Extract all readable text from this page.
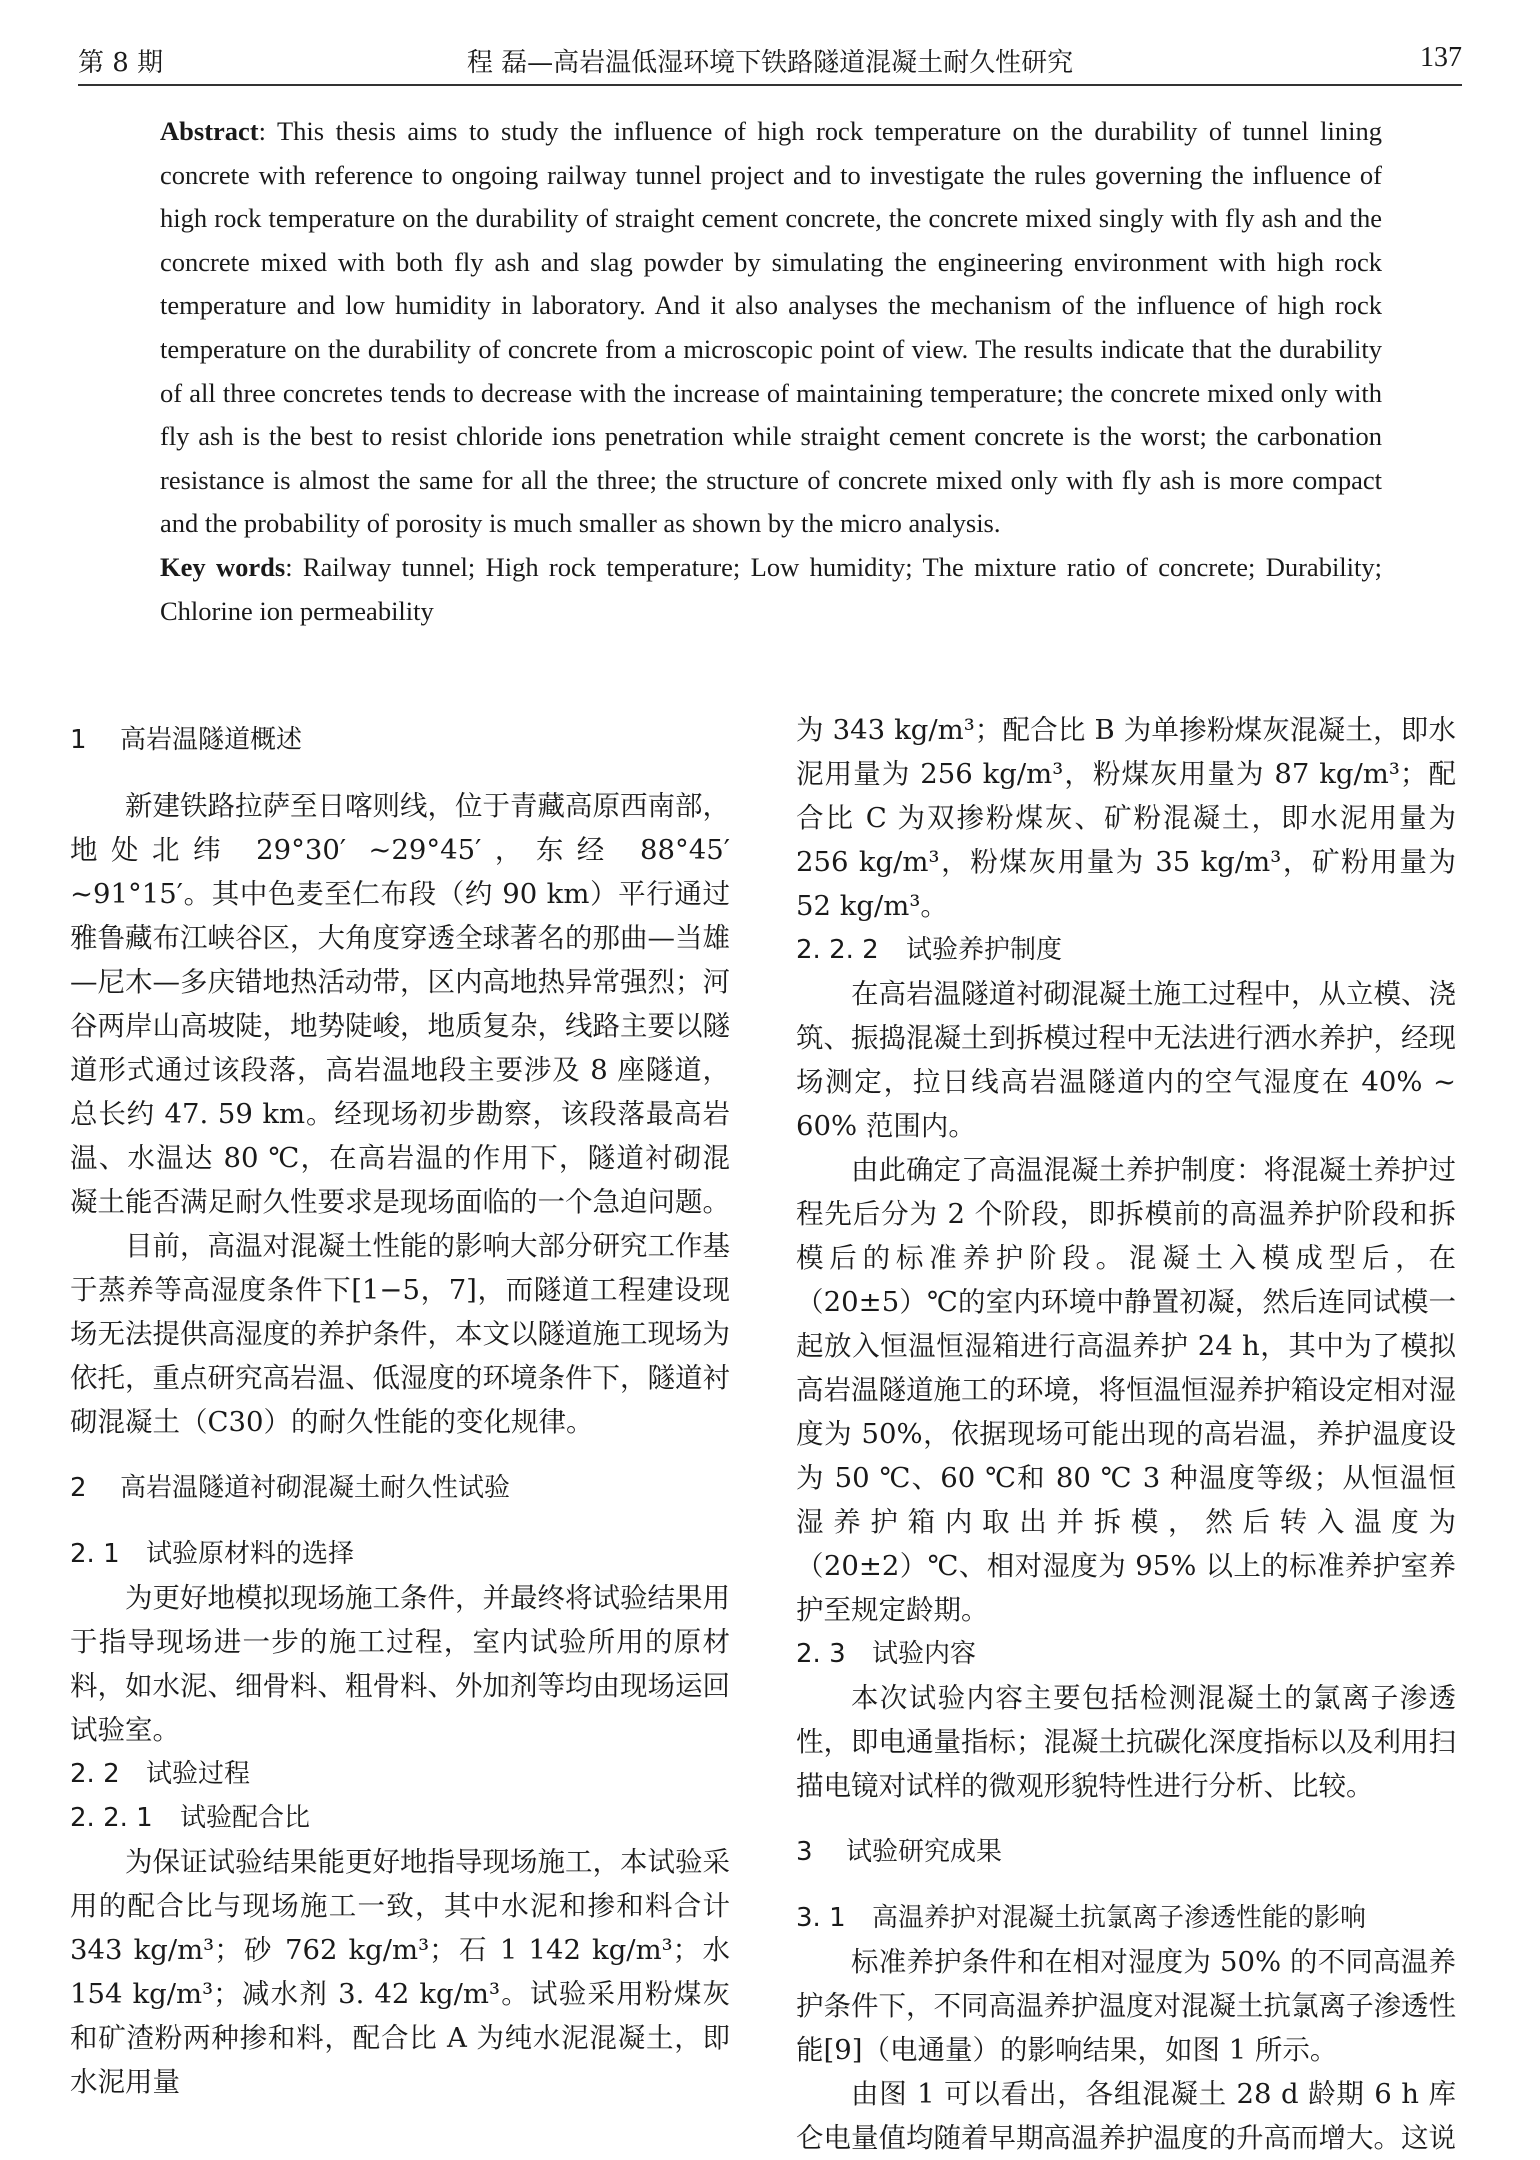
第 8 期	程 磊—高岩温低湿环境下铁路隧道混凝土耐久性研究	137
Abstract: This thesis aims to study the influence of high rock temperature on the durability of tunnel lining concrete with reference to ongoing railway tunnel project and to investigate the rules governing the influence of high rock temperature on the durability of straight cement concrete, the concrete mixed singly with fly ash and the concrete mixed with both fly ash and slag powder by simulating the engineering environment with high rock temperature and low humidity in laboratory. And it also analyses the mechanism of the influence of high rock temperature on the durability of concrete from a microscopic point of view. The results indicate that the durability of all three concretes tends to decrease with the increase of maintaining temperature; the concrete mixed only with fly ash is the best to resist chloride ions penetration while straight cement concrete is the worst; the carbonation resistance is almost the same for all the three; the structure of concrete mixed only with fly ash is more compact and the probability of porosity is much smaller as shown by the micro analysis.
Key words: Railway tunnel; High rock temperature; Low humidity; The mixture ratio of concrete; Durability; Chlorine ion permeability

1 高岩温隧道概述

新建铁路拉萨至日喀则线，位于青藏高原西南部，地处北纬 29°30′ ~29°45′，东经 88°45′ ~91°15′。其中色麦至仁布段（约 90 km）平行通过雅鲁藏布江峡谷区，大角度穿透全球著名的那曲—当雄—尼木—多庆错地热活动带，区内高地热异常强烈；河谷两岸山高坡陡，地势陡峻，地质复杂，线路主要以隧道形式通过该段落，高岩温地段主要涉及 8 座隧道，总长约 47. 59 km。经现场初步勘察，该段落最高岩温、水温达 80 ℃，在高岩温的作用下，隧道衬砌混凝土能否满足耐久性要求是现场面临的一个急迫问题。

目前，高温对混凝土性能的影响大部分研究工作基于蒸养等高湿度条件下[1−5，7]，而隧道工程建设现场无法提供高湿度的养护条件，本文以隧道施工现场为依托，重点研究高岩温、低湿度的环境条件下，隧道衬砌混凝土（C30）的耐久性能的变化规律。

2 高岩温隧道衬砌混凝土耐久性试验

2. 1 试验原材料的选择

为更好地模拟现场施工条件，并最终将试验结果用于指导现场进一步的施工过程，室内试验所用的原材料，如水泥、细骨料、粗骨料、外加剂等均由现场运回试验室。

2. 2 试验过程

2. 2. 1 试验配合比

为保证试验结果能更好地指导现场施工，本试验采用的配合比与现场施工一致，其中水泥和掺和料合计 343 kg/m³；砂 762 kg/m³；石 1 142 kg/m³；水 154 kg/m³；减水剂 3. 42 kg/m³。试验采用粉煤灰和矿渣粉两种掺和料，配合比 A 为纯水泥混凝土，即水泥用量

为 343 kg/m³；配合比 B 为单掺粉煤灰混凝土，即水泥用量为 256 kg/m³，粉煤灰用量为 87 kg/m³；配合比 C 为双掺粉煤灰、矿粉混凝土，即水泥用量为 256 kg/m³，粉煤灰用量为 35 kg/m³，矿粉用量为 52 kg/m³。

2. 2. 2 试验养护制度

在高岩温隧道衬砌混凝土施工过程中，从立模、浇筑、振捣混凝土到拆模过程中无法进行洒水养护，经现场测定，拉日线高岩温隧道内的空气湿度在 40% ~ 60% 范围内。

由此确定了高温混凝土养护制度：将混凝土养护过程先后分为 2 个阶段，即拆模前的高温养护阶段和拆模后的标准养护阶段。混凝土入模成型后，在（20±5）℃的室内环境中静置初凝，然后连同试模一起放入恒温恒湿箱进行高温养护 24 h，其中为了模拟高岩温隧道施工的环境，将恒温恒湿养护箱设定相对湿度为 50%，依据现场可能出现的高岩温，养护温度设为 50 ℃、60 ℃和 80 ℃ 3 种温度等级；从恒温恒湿养护箱内取出并拆模，然后转入温度为（20±2）℃、相对湿度为 95% 以上的标准养护室养护至规定龄期。

2. 3 试验内容

本次试验内容主要包括检测混凝土的氯离子渗透性，即电通量指标；混凝土抗碳化深度指标以及利用扫描电镜对试样的微观形貌特性进行分析、比较。

3 试验研究成果

3. 1 高温养护对混凝土抗氯离子渗透性能的影响

标准养护条件和在相对湿度为 50% 的不同高温养护条件下，不同高温养护温度对混凝土抗氯离子渗透性能[9]（电通量）的影响结果，如图 1 所示。

由图 1 可以看出，各组混凝土 28 d 龄期 6 h 库仑电量值均随着早期高温养护温度的升高而增大。这说
